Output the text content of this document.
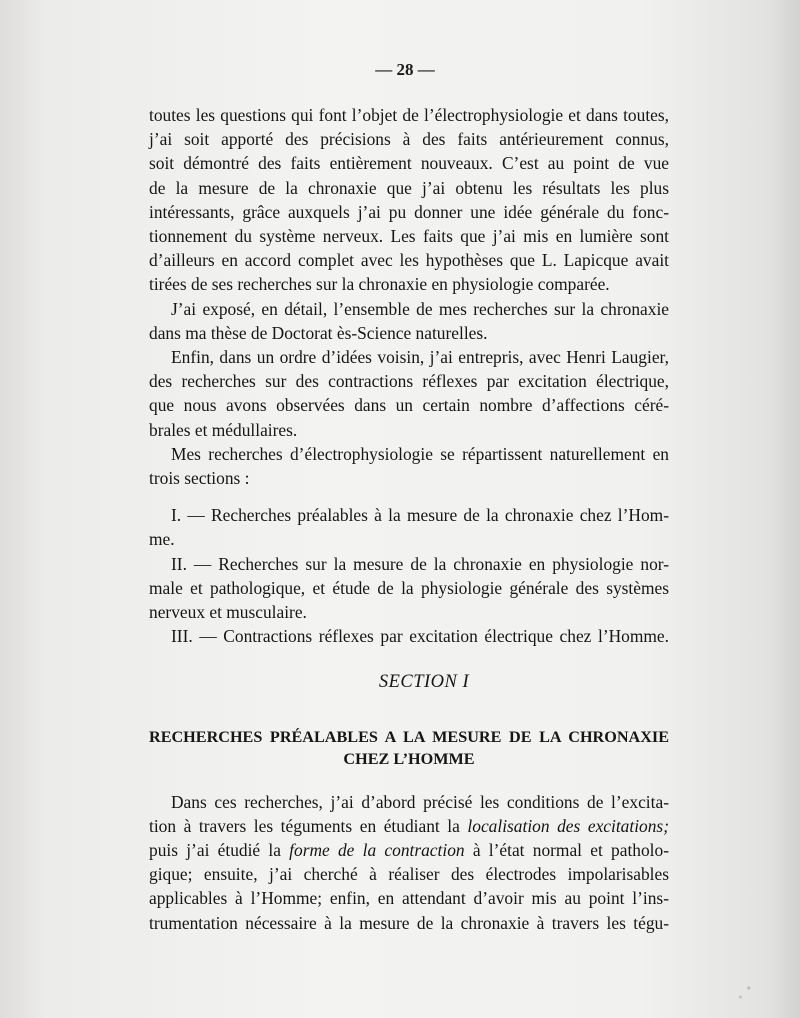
— 28 —
toutes les questions qui font l’objet de l’électrophysiologie et dans toutes,
j’ai soit apporté des précisions à des faits antérieurement connus,
soit démontré des faits entièrement nouveaux. C’est au point de vue
de la mesure de la chronaxie que j’ai obtenu les résultats les plus
intéressants, grâce auxquels j’ai pu donner une idée générale du fonc-
tionnement du système nerveux. Les faits que j’ai mis en lumière sont
d’ailleurs en accord complet avec les hypothèses que L. Lapicque avait
tirées de ses recherches sur la chronaxie en physiologie comparée.
J’ai exposé, en détail, l’ensemble de mes recherches sur la chronaxie
dans ma thèse de Doctorat ès-Science naturelles.
Enfin, dans un ordre d’idées voisin, j’ai entrepris, avec Henri Laugier,
des recherches sur des contractions réflexes par excitation électrique,
que nous avons observées dans un certain nombre d’affections céré-
brales et médullaires.
Mes recherches d’électrophysiologie se répartissent naturellement en
trois sections :
I. — Recherches préalables à la mesure de la chronaxie chez l’Hom-
me.
II. — Recherches sur la mesure de la chronaxie en physiologie nor-
male et pathologique, et étude de la physiologie générale des systèmes
nerveux et musculaire.
III. — Contractions réflexes par excitation électrique chez l’Homme.
SECTION I
RECHERCHES PRÉALABLES A LA MESURE DE LA CHRONAXIE
CHEZ L’HOMME
Dans ces recherches, j’ai d’abord précisé les conditions de l’excita-
tion à travers les téguments en étudiant la localisation des excitations;
puis j’ai étudié la forme de la contraction à l’état normal et patholo-
gique; ensuite, j’ai cherché à réaliser des électrodes impolarisables
applicables à l’Homme; enfin, en attendant d’avoir mis au point l’ins-
trumentation nécessaire à la mesure de la chronaxie à travers les tégu-
